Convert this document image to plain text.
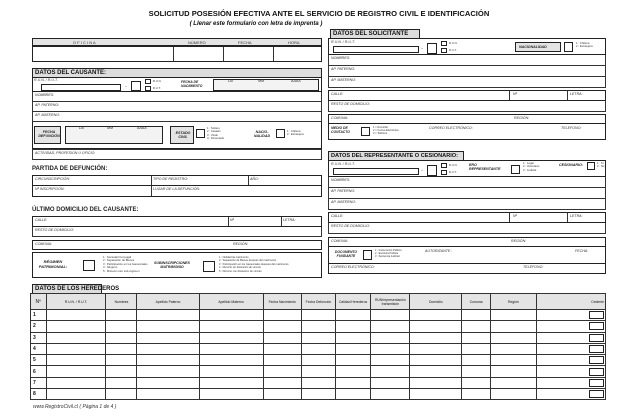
SOLICITUD POSESIÓN EFECTIVA ANTE EL SERVICIO DE REGISTRO CIVIL E IDENTIFICACIÓN
( Llenar este formulario con letra de imprenta )
O F I C I N A	NÚMERO	FECHA	HORA
DATOS DEL CAUSANTE:
R.U.N. / R.U.T.
–
R.U.N.
R.U.T.
FECHA DE NACIMIENTO
DD	MM	AAAA
NOMBRES:
AP. PATERNO:
AP. MATERNO:
FECHA DEFUNCIÓN
DD	MM	AAAA
ESTADO CIVIL
1 : Soltero
2 : Casado
3 : Viudo
4 : Divorciado
NACIO- NALIDAD
1 : Chilena
2 : Extranjera
ACTIVIDAD, PROFESION U OFICIO:
PARTIDA DE DEFUNCIÓN:
CIRCUNSCRIPCIÓN:	TIPO DE REGISTRO:	AÑO:
Nº INSCRIPCIÓN:	LUGAR DE LA DEFUNCIÓN:
ÚLTIMO DOMICILIO DEL CAUSANTE:
CALLE:	Nº	LETRA:
RESTO DE DOMICILIO:
COMUNA:	REGIÓN:
RÉGIMEN PATRIMONIAL:
1 : Sociedad Conyugal
2 : Separación de Bienes
3 : Participación en los Gananciales
4 : Ninguno
5 : Mixto/en otro sub-régimen
SUBINSCRIPCIONES MATRIMONIO
1 : Nulidad de matrimonio
2 : Separación de Bienes después del matrimonio
3 : Participación en los Gananciales después del matrimonio
4 : Divorcio sin disolución de vínculo
5 : Divorcio con disolución de vínculo
DATOS DEL SOLICITANTE
R.U.N. / R.U.T.
–
R.U.N.
R.U.T.
NACIONALIDAD
1 : Chilena
2 : Extranjera
NOMBRES:
AP. PATERNO:
AP. MATERNO:
CALLE:	Nº	LETRA:
RESTO DE DOMICILIO:
COMUNA:	REGIÓN:
MEDIO DE CONTACTO
1 = Domicilio
2 = Correo Electrónico
3 = Teléfono
CORREO ELECTRÓNICO:	TELEFONO:
DATOS DEL REPRESENTANTE O CESIONARIO:
R.U.N. / R.U.T.
–
R.U.N.
R.U.T.
ERO REPRESENTANTE
1 : Legal
2 : Voluntario
3 : Judicial
CESIONARIO:	1 : Sí
2 : No
NOMBRES:
AP. PATERNO:
AP. MATERNO:
CALLE:	Nº	LETRA:
RESTO DE DOMICILIO:
COMUNA:	REGIÓN:
DOCUMENTO FUNDANTE
1 : Instrumento Público
2 : Escritura Pública
3 : Sentencia Judicial
AUTORIZANTE :	FECHA:
CORREO ELECTRÓNICO:	TELEFONO:
DATOS DE LOS HEREDEROS
Nº	R.U.N. / R.U.T.	Nombres	Apellido Paterno	Apellido Materno	Fecha Nacimiento	Fecha Defunción	Calidad Herederos	RUN/representación transmisión	Domicilio	Comuna	Región	Cedente
1												
2												
3												
4												
5												
6												
7												
8												
www.RegistroCivil.cl ( Página 1 de 4 )
